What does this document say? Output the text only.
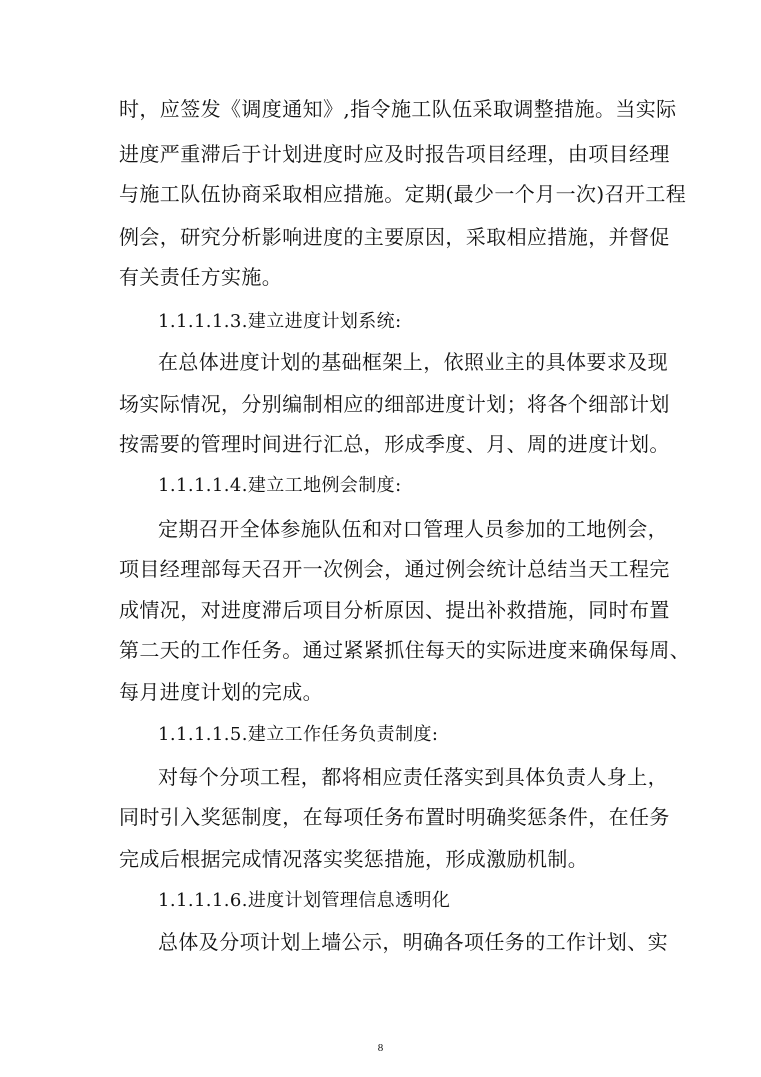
时，应签发《调度通知》,指令施工队伍采取调整措施。当实际
进度严重滞后于计划进度时应及时报告项目经理，由项目经理
与施工队伍协商采取相应措施。定期(最少一个月一次)召开工程
例会，研究分析影响进度的主要原因，采取相应措施，并督促
有关责任方实施。
1.1.1.1.3.建立进度计划系统:
在总体进度计划的基础框架上，依照业主的具体要求及现
场实际情况，分别编制相应的细部进度计划；将各个细部计划
按需要的管理时间进行汇总，形成季度、月、周的进度计划。
1.1.1.1.4.建立工地例会制度:
定期召开全体参施队伍和对口管理人员参加的工地例会，
项目经理部每天召开一次例会，通过例会统计总结当天工程完
成情况，对进度滞后项目分析原因、提出补救措施，同时布置
第二天的工作任务。通过紧紧抓住每天的实际进度来确保每周、
每月进度计划的完成。
1.1.1.1.5.建立工作任务负责制度:
对每个分项工程，都将相应责任落实到具体负责人身上，
同时引入奖惩制度，在每项任务布置时明确奖惩条件，在任务
完成后根据完成情况落实奖惩措施，形成激励机制。
1.1.1.1.6.进度计划管理信息透明化
总体及分项计划上墙公示，明确各项任务的工作计划、实
8
